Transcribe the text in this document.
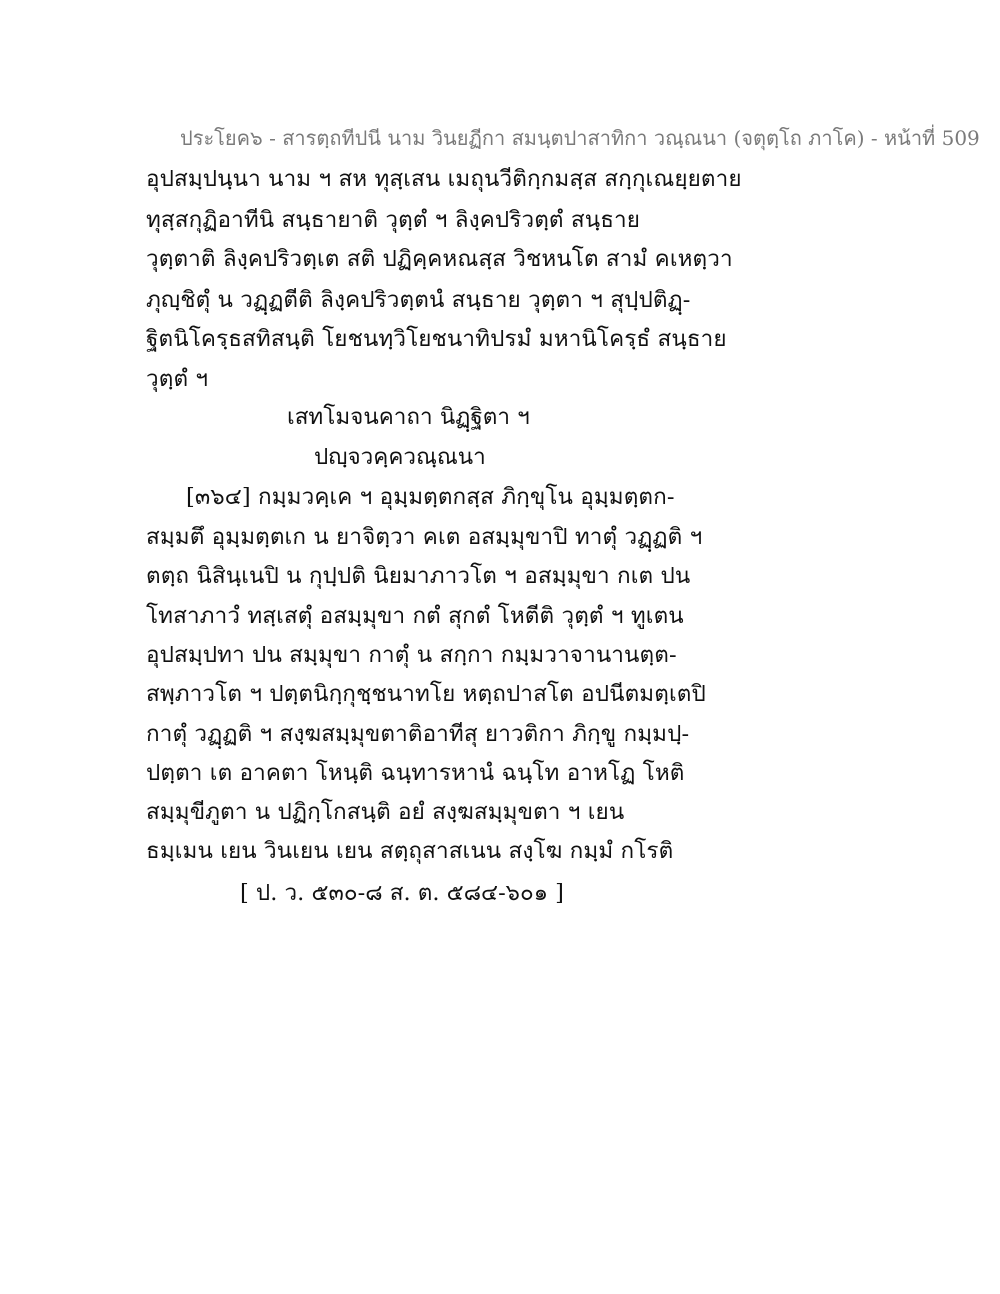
ประโยค๖ - สารตฺถทีปนี นาม วินยฏีกา สมนฺตปาสาทิกา วณฺณนา (จตุตฺโถ ภาโค) - หน้าที่ 509
อุปสมฺปนฺนา นาม ฯ สห ทุสฺเสน เมถุนวีติกฺกมสฺส สกฺกุเณยฺยตาย
ทุสฺสกุฏิอาทีนิ สนฺธายาติ วุตฺตํ ฯ ลิงฺคปริวตฺตํ สนฺธาย
วุตฺตาติ ลิงฺคปริวตฺเต สติ ปฏิคฺคหณสฺส วิชหนโต สามํ คเหตฺวา
ภุญฺชิตุํ น วฏฺฏตีติ ลิงฺคปริวตฺตนํ สนฺธาย วุตฺตา ฯ สุปฺปติฏฺ-
ฐิตนิโครฺธสทิสนฺติ โยชนทฺวิโยชนาทิปรมํ มหานิโครฺธํ สนฺธาย
วุตฺตํ ฯ
เสทโมจนคาถา นิฏฺฐิตา ฯ
ปญฺจวคฺควณฺณนา
[๓๖๔] กมฺมวคฺเค ฯ อุมฺมตฺตกสฺส ภิกฺขุโน อุมฺมตฺตก-
สมฺมตึ อุมฺมตฺตเก น ยาจิตฺวา คเต อสมฺมุขาปิ ทาตุํ วฏฺฏติ ฯ
ตตฺถ นิสินฺเนปิ น กุปฺปติ นิยมาภาวโต ฯ อสมฺมุขา กเต ปน
โทสาภาวํ ทสฺเสตุํ อสมฺมุขา กตํ สุกตํ โหตีติ วุตฺตํ ฯ ทูเตน
อุปสมฺปทา ปน สมฺมุขา กาตุํ น สกฺกา กมฺมวาจานานตฺต-
สพฺภาวโต ฯ ปตฺตนิกฺกุชฺชนาทโย หตฺถปาสโต อปนีตมตฺเตปิ
กาตุํ วฏฺฏติ ฯ สงฺฆสมฺมุขตาติอาทีสุ ยาวติกา ภิกฺขู กมฺมปฺ-
ปตฺตา เต อาคตา โหนฺติ ฉนฺทารหานํ ฉนฺโท อาหโฏ โหติ
สมฺมุขีภูตา น ปฏิกฺโกสนฺติ อยํ สงฺฆสมฺมุขตา ฯ เยน
ธมฺเมน เยน วินเยน เยน สตฺถุสาสเนน สงฺโฆ กมฺมํ กโรติ
[ ป. ว. ๕๓๐-๘ ส. ต. ๕๘๔-๖๐๑ ]
